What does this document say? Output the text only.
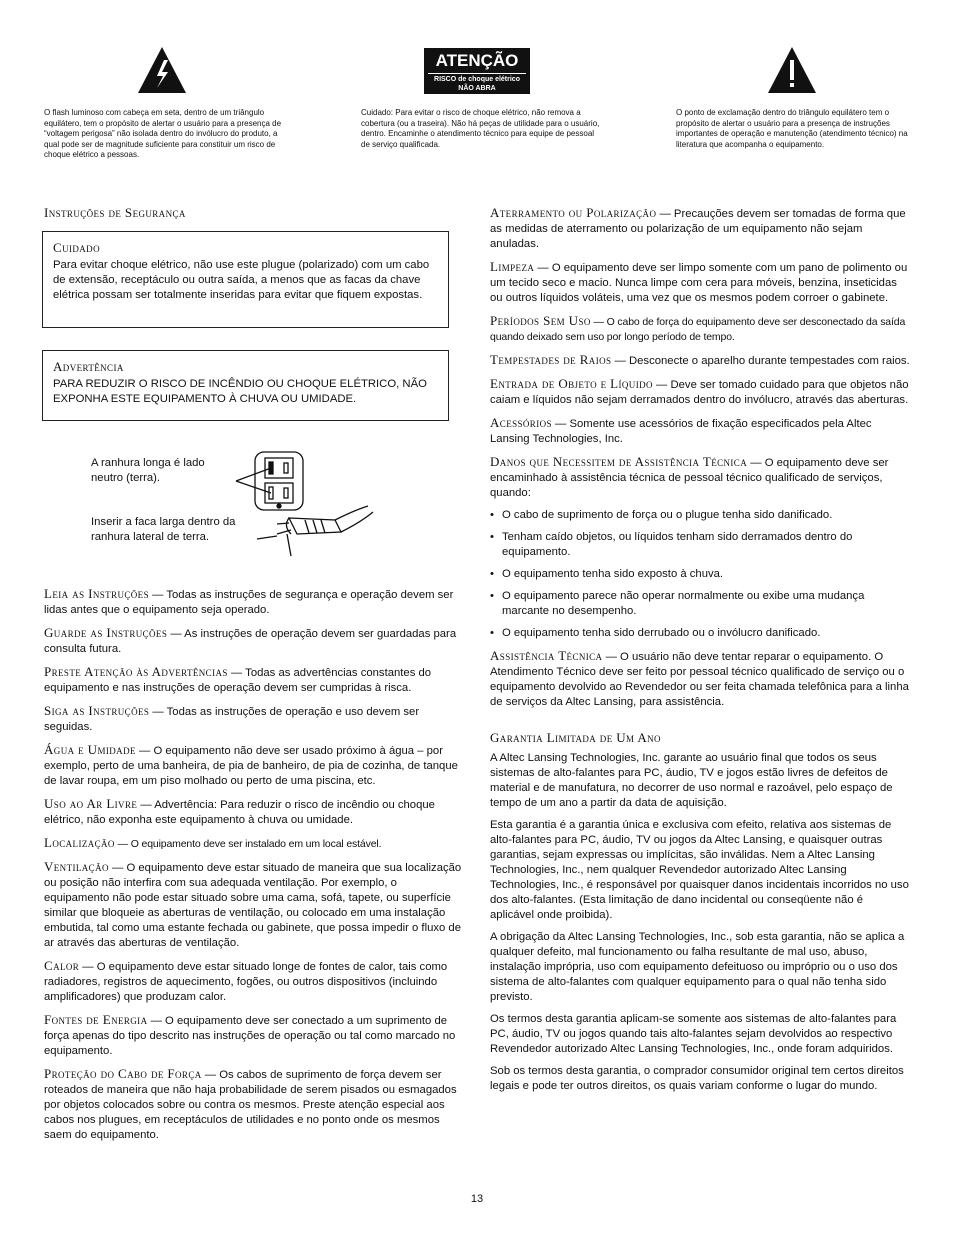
O flash luminoso com cabeça em seta, dentro de um triângulo equilátero, tem o propósito de alertar o usuário para a presença de “voltagem perigosa” não isolada dentro do invólucro do produto, a qual pode ser de magnitude suficiente para constituir um risco de choque elétrico a pessoas.
ATENÇÃO
RISCO de choque elétrico
NÃO ABRA
Cuidado: Para evitar o risco de choque elétrico, não remova a cobertura (ou a traseira). Não há peças de utilidade para o usuário, dentro. Encaminhe o atendimento técnico para equipe de pessoal de serviço qualificada.
O ponto de exclamação dentro do triângulo equilátero tem o propósito de alertar o usuário para a presença de instruções importantes de operação e manutenção (atendimento técnico) na literatura que acompanha o equipamento.
Instruções de Segurança
Cuidado
Para evitar choque elétrico, não use este plugue (polarizado) com um cabo de extensão, receptáculo ou outra saída, a menos que as facas da chave elétrica possam ser totalmente inseridas para evitar que fiquem expostas.
Advertência
PARA REDUZIR O RISCO DE INCÊNDIO OU CHOQUE ELÉTRICO, NÃO EXPONHA ESTE EQUIPAMENTO À CHUVA OU UMIDADE.
A ranhura longa é lado neutro (terra).
Inserir a faca larga dentro da ranhura lateral de terra.

Leia as Instruções — Todas as instruções de segurança e operação devem ser lidas antes que o equipamento seja operado.

Guarde as Instruções — As instruções de operação devem ser guardadas para consulta futura.

Preste Atenção às Advertências — Todas as advertências constantes do equipamento e nas instruções de operação devem ser cumpridas à risca.

Siga as Instruções — Todas as instruções de operação e uso devem ser seguidas.

Água e Umidade — O equipamento não deve ser usado próximo à água – por exemplo, perto de uma banheira, de pia de banheiro, de pia de cozinha, de tanque de lavar roupa, em um piso molhado ou perto de uma piscina, etc.

Uso ao Ar Livre — Advertência: Para reduzir o risco de incêndio ou choque elétrico, não exponha este equipamento à chuva ou umidade.

Localização — O equipamento deve ser instalado em um local estável.

Ventilação — O equipamento deve estar situado de maneira que sua localização ou posição não interfira com sua adequada ventilação. Por exemplo, o equipamento não pode estar situado sobre uma cama, sofá, tapete, ou superfície similar que bloqueie as aberturas de ventilação, ou colocado em uma instalação embutida, tal como uma estante fechada ou gabinete, que possa impedir o fluxo de ar através das aberturas de ventilação.

Calor — O equipamento deve estar situado longe de fontes de calor, tais como radiadores, registros de aquecimento, fogões, ou outros dispositivos (incluindo amplificadores) que produzam calor.

Fontes de Energia — O equipamento deve ser conectado a um suprimento de força apenas do tipo descrito nas instruções de operação ou tal como marcado no equipamento.

Proteção do Cabo de Força — Os cabos de suprimento de força devem ser roteados de maneira que não haja probabilidade de serem pisados ou esmagados por objetos colocados sobre ou contra os mesmos. Preste atenção especial aos cabos nos plugues, em receptáculos de utilidades e no ponto onde os mesmos saem do equipamento.

Aterramento ou Polarização — Precauções devem ser tomadas de forma que as medidas de aterramento ou polarização de um equipamento não sejam anuladas.

Limpeza — O equipamento deve ser limpo somente com um pano de polimento ou um tecido seco e macio. Nunca limpe com cera para móveis, benzina, inseticidas ou outros líquidos voláteis, uma vez que os mesmos podem corroer o gabinete.

Períodos Sem Uso — O cabo de força do equipamento deve ser desconectado da saída quando deixado sem uso por longo período de tempo.

Tempestades de Raios — Desconecte o aparelho durante tempestades com raios.

Entrada de Objeto e Líquido — Deve ser tomado cuidado para que objetos não caiam e líquidos não sejam derramados dentro do invólucro, através das aberturas.

Acessórios — Somente use acessórios de fixação especificados pela Altec Lansing Technologies, Inc.

Danos que Necessitem de Assistência Técnica — O equipamento deve ser encaminhado à assistência técnica de pessoal técnico qualificado de serviços, quando:

• O cabo de suprimento de força ou o plugue tenha sido danificado.
• Tenham caído objetos, ou líquidos tenham sido derramados dentro do equipamento.
• O equipamento tenha sido exposto à chuva.
• O equipamento parece não operar normalmente ou exibe uma mudança marcante no desempenho.
• O equipamento tenha sido derrubado ou o invólucro danificado.

Assistência Técnica — O usuário não deve tentar reparar o equipamento. O Atendimento Técnico deve ser feito por pessoal técnico qualificado de serviço ou o equipamento devolvido ao Revendedor ou ser feita chamada telefônica para a linha de serviços da Altec Lansing, para assistência.

Garantia Limitada de Um Ano

A Altec Lansing Technologies, Inc. garante ao usuário final que todos os seus sistemas de alto-falantes para PC, áudio, TV e jogos estão livres de defeitos de material e de manufatura, no decorrer de uso normal e razoável, pelo espaço de tempo de um ano a partir da data de aquisição.

Esta garantia é a garantia única e exclusiva com efeito, relativa aos sistemas de alto-falantes para PC, áudio, TV ou jogos da Altec Lansing, e quaisquer outras garantias, sejam expressas ou implícitas, são inválidas. Nem a Altec Lansing Technologies, Inc., nem qualquer Revendedor autorizado Altec Lansing Technologies, Inc., é responsável por quaisquer danos incidentais incorridos no uso dos alto-falantes. (Esta limitação de dano incidental ou conseqüente não é aplicável onde proibida).

A obrigação da Altec Lansing Technologies, Inc., sob esta garantia, não se aplica a qualquer defeito, mal funcionamento ou falha resultante de mal uso, abuso, instalação imprópria, uso com equipamento defeituoso ou impróprio ou o uso dos sistema de alto-falantes com qualquer equipamento para o qual não tenha sido previsto.

Os termos desta garantia aplicam-se somente aos sistemas de alto-falantes para PC, áudio, TV ou jogos quando tais alto-falantes sejam devolvidos ao respectivo Revendedor autorizado Altec Lansing Technologies, Inc., onde foram adquiridos.

Sob os termos desta garantia, o comprador consumidor original tem certos direitos legais e pode ter outros direitos, os quais variam conforme o lugar do mundo.

13
